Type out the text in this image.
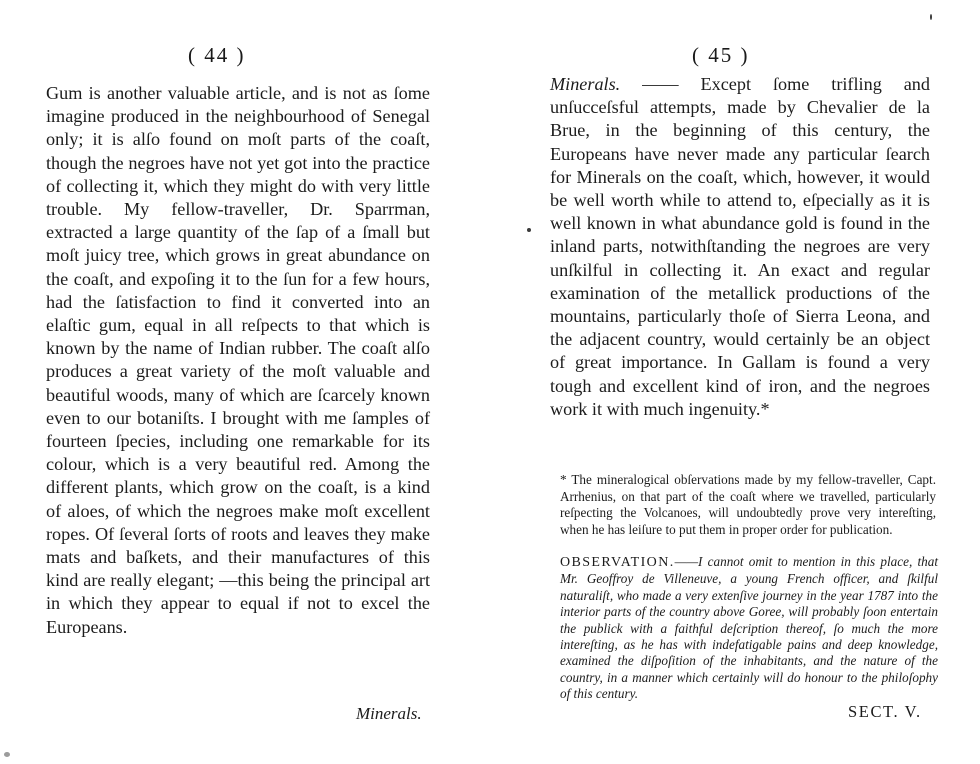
( 44 )
Gum is another valuable article, and is not as ſome imagine produced in the neighbourhood of Senegal only; it is alſo found on moſt parts of the coaſt, though the negroes have not yet got into the practice of collecting it, which they might do with very little trouble. My fellow-traveller, Dr. Sparrman, extracted a large quantity of the ſap of a ſmall but moſt juicy tree, which grows in great abundance on the coaſt, and expoſing it to the ſun for a few hours, had the ſatisfaction to find it converted into an elaſtic gum, equal in all reſpects to that which is known by the name of Indian rubber. The coaſt alſo produces a great variety of the moſt valuable and beautiful woods, many of which are ſcarcely known even to our botaniſts. I brought with me ſamples of fourteen ſpecies, including one remarkable for its colour, which is a very beautiful red. Among the different plants, which grow on the coaſt, is a kind of aloes, of which the negroes make moſt excellent ropes. Of ſeveral ſorts of roots and leaves they make mats and baſkets, and their manufactures of this kind are really elegant; —this being the principal art in which they appear to equal if not to excel the Europeans.
Minerals.
( 45 )
Minerals. —— Except ſome trifling and unſucceſsful attempts, made by Chevalier de la Brue, in the beginning of this century, the Europeans have never made any particular ſearch for Minerals on the coaſt, which, however, it would be well worth while to attend to, eſpecially as it is well known in what abundance gold is found in the inland parts, notwithſtanding the negroes are very unſkilful in collecting it. An exact and regular examination of the metallick productions of the mountains, particularly thoſe of Sierra Leona, and the adjacent country, would certainly be an object of great importance. In Gallam is found a very tough and excellent kind of iron, and the negroes work it with much ingenuity.*
* The mineralogical obſervations made by my fellow-traveller, Capt. Arrhenius, on that part of the coaſt where we travelled, particularly reſpecting the Volcanoes, will undoubtedly prove very intereſting, when he has leiſure to put them in proper order for publication.
OBSERVATION.——I cannot omit to mention in this place, that Mr. Geoffroy de Villeneuve, a young French officer, and ſkilful naturaliſt, who made a very extenſive journey in the year 1787 into the interior parts of the country above Goree, will probably ſoon entertain the publick with a faithful deſcription thereof, ſo much the more intereſting, as he has with indefatigable pains and deep knowledge, examined the diſpoſition of the inhabitants, and the nature of the country, in a manner which certainly will do honour to the philoſophy of this century.
SECT. V.
